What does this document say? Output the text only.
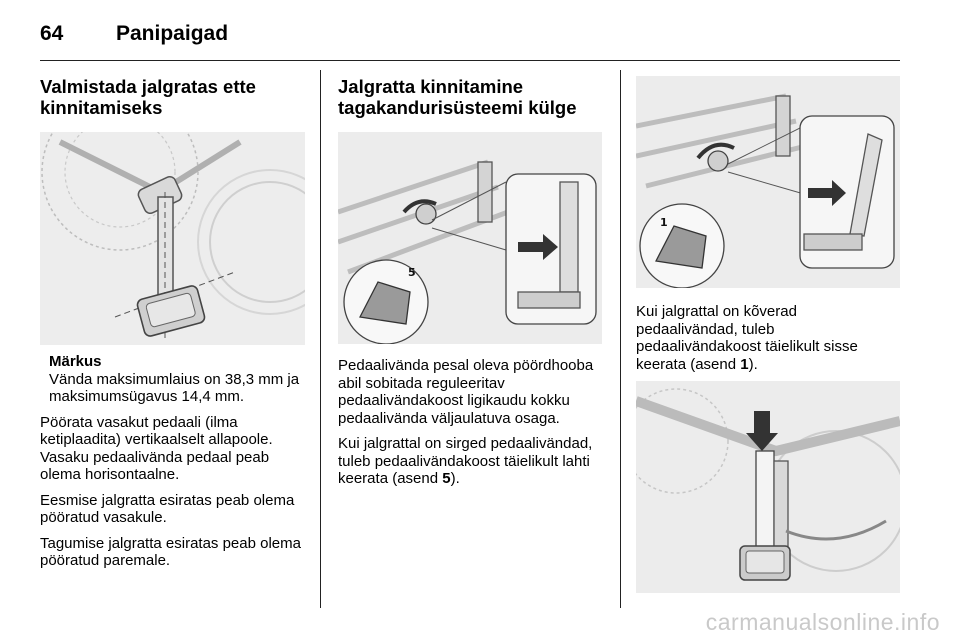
64	Panipaigad
Valmistada jalgratas ette kinnitamiseks
Märkus
Vända maksimumlaius on 38,3 mm ja maksimumsügavus 14,4 mm.
Pöörata vasakut pedaali (ilma ketiplaadita) vertikaalselt allapoole. Vasaku pedaalivända pedaal peab olema horisontaalne.
Eesmise jalgratta esiratas peab olema pööratud vasakule.
Tagumise jalgratta esiratas peab olema pööratud paremale.
Jalgratta kinnitamine tagakandurisüsteemi külge
5
Pedaalivända pesal oleva pöördhooba abil sobitada reguleeritav pedaalivändakoost ligikaudu kokku pedaalivända väljaulatuva osaga.
Kui jalgrattal on sirged pedaalivändad, tuleb pedaalivändakoost täielikult lahti keerata (asend 5).
1
Kui jalgrattal on kõverad pedaalivändad, tuleb pedaalivändakoost täielikult sisse keerata (asend 1).
carmanualsonline.info
